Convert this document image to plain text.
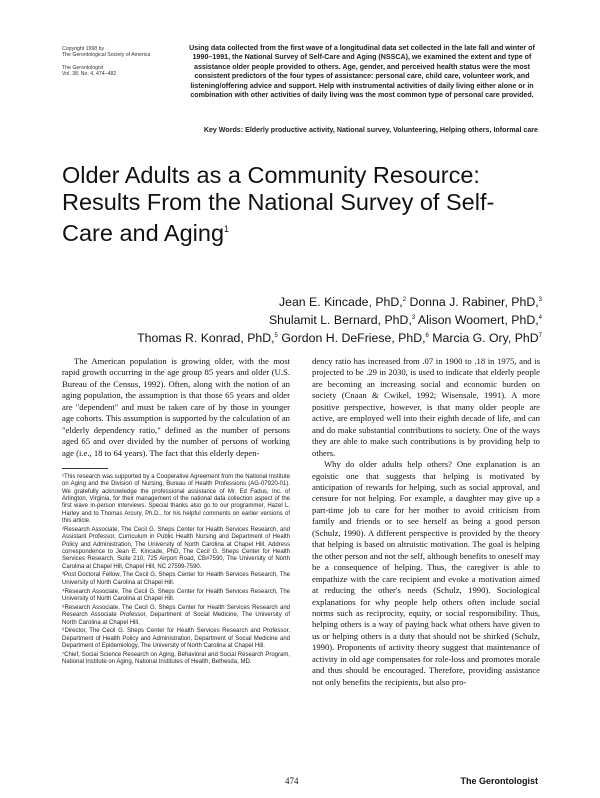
Copyright 1998 by
The Gerontological Society of America
The Gerontologist
Vol. 38, No. 4, 474–482

Using data collected from the first wave of a longitudinal data set collected in the late fall and winter of 1990–1991, the National Survey of Self-Care and Aging (NSSCA), we examined the extent and type of assistance older people provided to others. Age, gender, and perceived health status were the most consistent predictors of the four types of assistance: personal care, child care, volunteer work, and listening/offering advice and support. Help with instrumental activities of daily living either alone or in combination with other activities of daily living was the most common type of personal care provided.

Key Words: Elderly productive activity, National survey, Volunteering, Helping others, Informal care
Older Adults as a Community Resource: Results From the National Survey of Self-Care and Aging$^1$
Jean E. Kincade, PhD,$^2$ Donna J. Rabiner, PhD,$^3$
Shulamit L. Bernard, PhD,$^3$ Alison Woomert, PhD,$^4$
Thomas R. Konrad, PhD,$^5$ Gordon H. DeFriese, PhD,$^6$ Marcia G. Ory, PhD$^7$

The American population is growing older, with the most rapid growth occurring in the age group 85 years and older (U.S. Bureau of the Census, 1992). Often, along with the notion of an aging population, the assumption is that those 65 years and older are "dependent" and must be taken care of by those in younger age cohorts. This assumption is supported by the calculation of an "elderly dependency ratio," defined as the number of persons aged 65 and over divided by the number of persons of working age (i.e., 18 to 64 years). The fact that this elderly depen-

¹This research was supported by a Cooperative Agreement from the National Institute on Aging and the Division of Nursing, Bureau of Health Professions (AG-07920-01). We gratefully acknowledge the professional assistance of Mr. Ed Fadus, Inc. of Arlington, Virginia, for their management of the national data collection aspect of the first wave in-person interviews. Special thanks also go to our programmer, Hazel L. Harley and to Thomas Arcury, Ph.D., for his helpful comments on earlier versions of this article.

²Research Associate, The Cecil G. Sheps Center for Health Services Research, and Assistant Professor, Curriculum in Public Health Nursing and Department of Health Policy and Administration, The University of North Carolina at Chapel Hill. Address correspondence to Jean E. Kincade, PhD, The Cecil G. Sheps Center for Health Services Research, Suite 210, 725 Airport Road, CB#7590, The University of North Carolina at Chapel Hill, Chapel Hill, NC 27599-7590.

³Post Doctoral Fellow, The Cecil G. Sheps Center for Health Services Research, The University of North Carolina at Chapel Hill.

⁴Research Associate, The Cecil G. Sheps Center for Health Services Research, The University of North Carolina at Chapel Hill.

⁵Research Associate, The Cecil G. Sheps Center for Health Services Research and Research Associate Professor, Department of Social Medicine, The University of North Carolina at Chapel Hill.

⁶Director, The Cecil G. Sheps Center for Health Services Research and Professor, Department of Health Policy and Administration, Department of Social Medicine and Department of Epidemiology, The University of North Carolina at Chapel Hill.

⁷Chief, Social Science Research on Aging, Behavioral and Social Research Program, National Institute on Aging, National Institutes of Health, Bethesda, MD.

dency ratio has increased from .07 in 1900 to .18 in 1975, and is projected to be .29 in 2030, is used to indicate that elderly people are becoming an increasing social and economic burden on society (Cnaan & Cwikel, 1992; Wisensale, 1991). A more positive perspective, however, is that many older people are active, are employed well into their eighth decade of life, and can and do make substantial contributions to society. One of the ways they are able to make such contributions is by providing help to others.

Why do older adults help others? One explanation is an egoistic one that suggests that helping is motivated by anticipation of rewards for helping, such as social approval, and censure for not helping. For example, a daughter may give up a part-time job to care for her mother to avoid criticism from family and friends or to see herself as being a good person (Schulz, 1990). A different perspective is provided by the theory that helping is based on altruistic motivation. The goal is helping the other person and not the self, although benefits to oneself may be a consequence of helping. Thus, the caregiver is able to empathize with the care recipient and evoke a motivation aimed at reducing the other's needs (Schulz, 1990). Sociological explanations for why people help others often include social norms such as reciprocity, equity, or social responsibility. Thus, helping others is a way of paying back what others have given to us or helping others is a duty that should not be shirked (Schulz, 1990). Proponents of activity theory suggest that maintenance of activity in old age compensates for role-loss and promotes morale and thus should be encouraged. Therefore, providing assistance not only benefits the recipients, but also pro-

474	The Gerontologist
